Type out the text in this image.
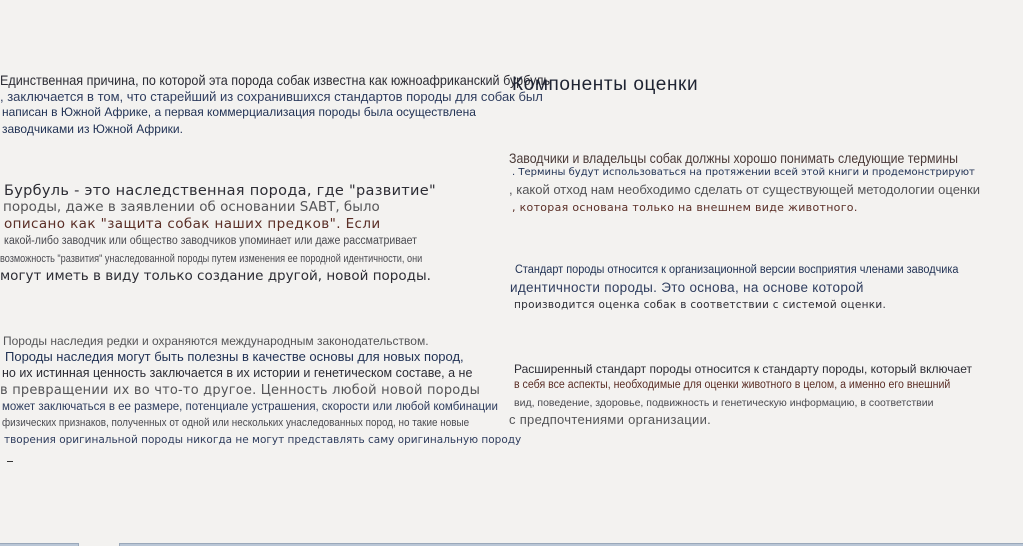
Единственная причина, по которой эта порода собак известна как южноафриканский бурбуль
, заключается в том, что старейший из сохранившихся стандартов породы для собак был
написан в Южной Африке, а первая коммерциализация породы была осуществлена
заводчиками из Южной Африки.
Бурбуль - это наследственная порода, где "развитие"
породы, даже в заявлении об основании SABT, было
описано как "защита собак наших предков". Если
какой-либо заводчик или общество заводчиков упоминает или даже рассматривает
возможность "развития" унаследованной породы путем изменения ее породной идентичности, они
могут иметь в виду только создание другой, новой породы.
Породы наследия редки и охраняются международным законодательством.
Породы наследия могут быть полезны в качестве основы для новых пород,
но их истинная ценность заключается в их истории и генетическом составе, а не
в превращении их во что-то другое. Ценность любой новой породы
может заключаться в ее размере, потенциале устрашения, скорости или любой комбинации
физических признаков, полученных от одной или нескольких унаследованных пород, но такие новые
творения оригинальной породы никогда не могут представлять саму оригинальную породу
Компоненты оценки
Заводчики и владельцы собак должны хорошо понимать следующие термины
. Термины будут использоваться на протяжении всей этой книги и продемонстрируют
, какой отход нам необходимо сделать от существующей методологии оценки
, которая основана только на внешнем виде животного.
Стандарт породы относится к организационной версии восприятия членами заводчика
идентичности породы. Это основа, на основе которой
производится оценка собак в соответствии с системой оценки.
Расширенный стандарт породы относится к стандарту породы, который включает
в себя все аспекты, необходимые для оценки животного в целом, а именно его внешний
вид, поведение, здоровье, подвижность и генетическую информацию, в соответствии
с предпочтениями организации.
